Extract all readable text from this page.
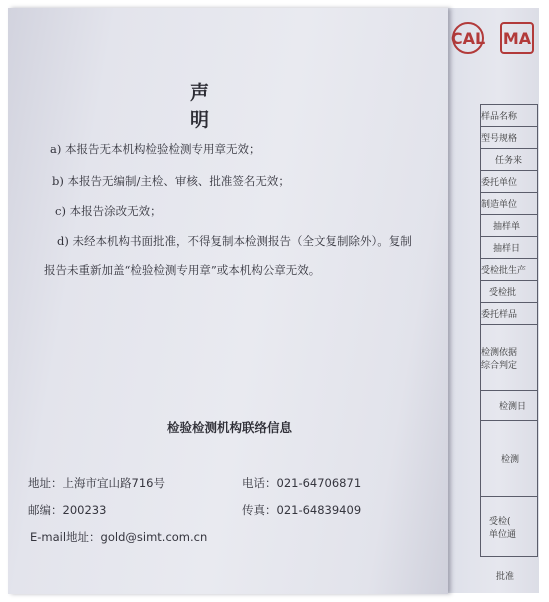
CAL MA
样品名称
型号规格
任务来
委托单位
制造单位
抽样单
抽样日
受检批生产
受检批
委托样品
检测依据
综合判定
检测日
检测
受检(
单位通
批准
声 明
a) 本报告无本机构检验检测专用章无效；
b) 本报告无编制/主检、审核、批准签名无效；
c) 本报告涂改无效；
d) 未经本机构书面批准，不得复制本检测报告（全文复制除外）。复制
报告未重新加盖“检验检测专用章”或本机构公章无效。
检验检测机构联络信息
地址：上海市宜山路716号	电话：021-64706871
邮编：200233	传真：021-64839409
E-mail地址：gold@simt.com.cn
